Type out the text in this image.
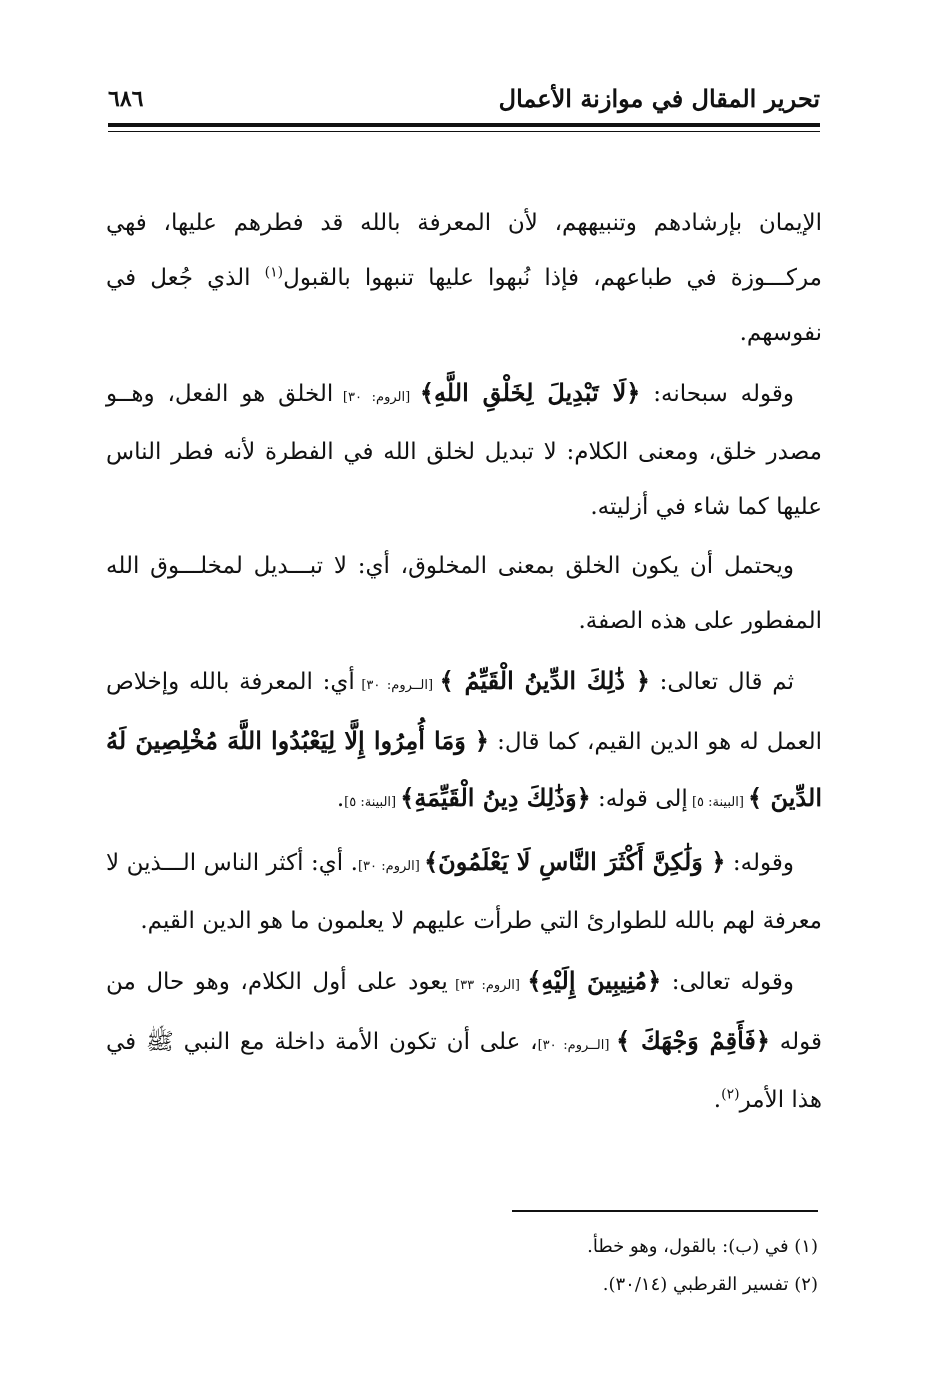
تحرير المقال في موازنة الأعمال
٦٨٦

الإيمان بإرشادهم وتنبيههم، لأن المعرفة بالله قد فطرهم عليها، فهي مركـــوزة في طباعهم، فإذا نُبهوا عليها تنبهوا بالقبول$^{(١)}$ الذي جُعل في نفوسهم.

وقوله سبحانه: ﴿لَا تَبْدِيلَ لِخَلْقِ اللَّهِ﴾ [الروم: ٣٠] الخلق هو الفعل، وهــو مصدر خلق، ومعنى الكلام: لا تبديل لخلق الله في الفطرة لأنه فطر الناس عليها كما شاء في أزليته.

ويحتمل أن يكون الخلق بمعنى المخلوق، أي: لا تبـــديل لمخلـــوق الله المفطور على هذه الصفة.

ثم قال تعالى: ﴿ ذَٰلِكَ الدِّينُ الْقَيِّمُ ﴾ [الــروم: ٣٠] أي: المعرفة بالله وإخلاص العمل له هو الدين القيم، كما قال: ﴿ وَمَا أُمِرُوا إِلَّا لِيَعْبُدُوا اللَّهَ مُخْلِصِينَ لَهُ الدِّينَ ﴾ [البينة: ٥] إلى قوله: ﴿وَذَٰلِكَ دِينُ الْقَيِّمَةِ﴾ [البينة: ٥].

وقوله: ﴿ وَلَٰكِنَّ أَكْثَرَ النَّاسِ لَا يَعْلَمُونَ﴾ [الروم: ٣٠]. أي: أكثر الناس الـــذين لا معرفة لهم بالله للطوارئ التي طرأت عليهم لا يعلمون ما هو الدين القيم.

وقوله تعالى: ﴿مُنِيبِينَ إِلَيْهِ﴾ [الروم: ٣٣] يعود على أول الكلام، وهو حال من قوله ﴿فَأَقِمْ وَجْهَكَ ﴾ [الــروم: ٣٠]، على أن تكون الأمة داخلة مع النبي ﷺ في هذا الأمر$^{(٢)}$.

(١) في (ب): بالقول، وهو خطأ.

(٢) تفسير القرطبي (٣٠/١٤).
